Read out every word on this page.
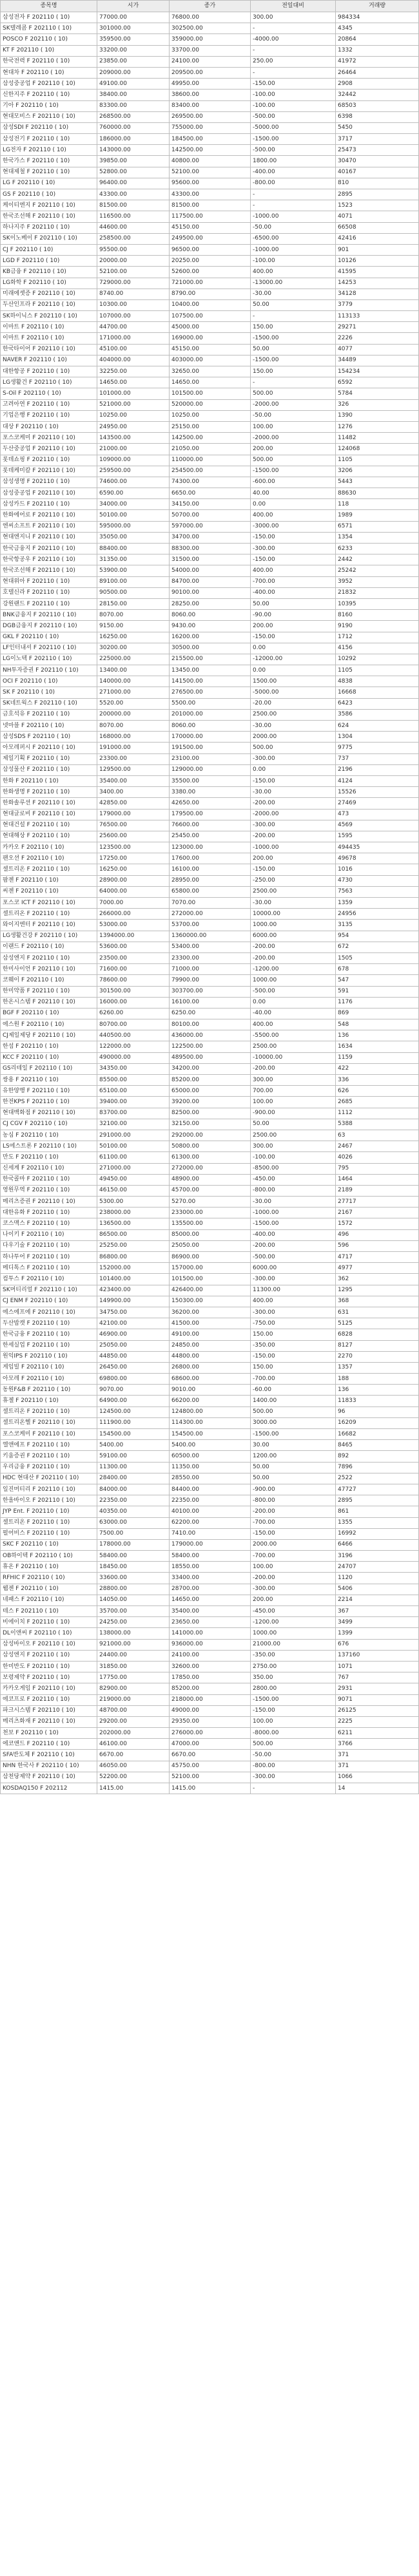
종목명	시가	종가	전일대비	거래량
삼성전자 F 202110 ( 10)	77000.00	76800.00	300.00	984334
SK텔레콤 F 202110 ( 10)	301000.00	302500.00	-	4345
POSCO F 202110 ( 10)	359500.00	359000.00	-4000.00	20864
KT F 202110 ( 10)	33200.00	33700.00	-	1332
한국전력 F 202110 ( 10)	23850.00	24100.00	250.00	41972
현대차 F 202110 ( 10)	209000.00	209500.00	-	26464
삼성중공업 F 202110 ( 10)	49100.00	49950.00	-150.00	2908
신한지주 F 202110 ( 10)	38400.00	38600.00	-100.00	32442
기아 F 202110 ( 10)	83300.00	83400.00	-100.00	68503
현대모비스 F 202110 ( 10)	268500.00	269500.00	-500.00	6398
삼성SDI F 202110 ( 10)	760000.00	755000.00	-5000.00	5450
삼성전기 F 202110 ( 10)	186000.00	184500.00	-1500.00	3717
LG전자 F 202110 ( 10)	143000.00	142500.00	-500.00	25473
한국가스 F 202110 ( 10)	39850.00	40800.00	1800.00	30470
현대제철 F 202110 ( 10)	52800.00	52100.00	-400.00	40167
LG F 202110 ( 10)	96400.00	95600.00	-800.00	810
GS F 202110 ( 10)	43300.00	43300.00	-	2895
케이티엔지 F 202110 ( 10)	81500.00	81500.00	-	1523
한국조선해 F 202110 ( 10)	116500.00	117500.00	-1000.00	4071
하나지주 F 202110 ( 10)	44600.00	45150.00	-50.00	66508
SK이노베이 F 202110 ( 10)	258500.00	249500.00	-6500.00	42416
CJ F 202110 ( 10)	95500.00	96500.00	-1000.00	901
LGD F 202110 ( 10)	20000.00	20250.00	-100.00	10126
KB금융 F 202110 ( 10)	52100.00	52600.00	400.00	41595
LG화학 F 202110 ( 10)	729000.00	721000.00	-13000.00	14253
미래에셋증 F 202110 ( 10)	8740.00	8790.00	-30.00	34128
두산인프라 F 202110 ( 10)	10300.00	10400.00	50.00	3779
SK하이닉스 F 202110 ( 10)	107000.00	107500.00	-	113133
이마트 F 202110 ( 10)	44700.00	45000.00	150.00	29271
이마트 F 202110 ( 10)	171000.00	169000.00	-1500.00	2226
한국타이어 F 202110 ( 10)	45100.00	45150.00	50.00	4077
NAVER F 202110 ( 10)	404000.00	403000.00	-1500.00	34489
대한항공 F 202110 ( 10)	32250.00	32650.00	150.00	154234
LG생활건 F 202110 ( 10)	14650.00	14650.00	-	6592
S-Oil F 202110 ( 10)	101000.00	101500.00	500.00	5784
고려아연 F 202110 ( 10)	521000.00	520000.00	-2000.00	326
기업은행 F 202110 ( 10)	10250.00	10250.00	-50.00	1390
대상 F 202110 ( 10)	24950.00	25150.00	100.00	1276
포스코케미 F 202110 ( 10)	143500.00	142500.00	-2000.00	11482
두산중공업 F 202110 ( 10)	21000.00	21050.00	200.00	124068
롯데쇼핑 F 202110 ( 10)	109000.00	110000.00	500.00	1105
롯데케미칼 F 202110 ( 10)	259500.00	254500.00	-1500.00	3206
삼성생명 F 202110 ( 10)	74600.00	74300.00	-600.00	5443
삼성중공업 F 202110 ( 10)	6590.00	6650.00	40.00	88630
삼성카드 F 202110 ( 10)	34000.00	34150.00	0.00	118
한화에어로 F 202110 ( 10)	50100.00	50700.00	400.00	1989
엔씨소프트 F 202110 ( 10)	595000.00	597000.00	-3000.00	6571
현대엔지니 F 202110 ( 10)	35050.00	34700.00	-150.00	1354
한국금융지 F 202110 ( 10)	88400.00	88300.00	-300.00	6233
한국항공우 F 202110 ( 10)	31350.00	31500.00	-150.00	2442
한국조선해 F 202110 ( 10)	53900.00	54000.00	400.00	25242
현대위아 F 202110 ( 10)	89100.00	84700.00	-700.00	3952
호텔신라 F 202110 ( 10)	90500.00	90100.00	-400.00	21832
강원랜드 F 202110 ( 10)	28150.00	28250.00	50.00	10395
BNK금융지 F 202110 ( 10)	8070.00	8060.00	-90.00	8160
DGB금융지 F 202110 ( 10)	9150.00	9430.00	200.00	9190
GKL F 202110 ( 10)	16250.00	16200.00	-150.00	1712
LF인터내셔 F 202110 ( 10)	30200.00	30500.00	0.00	4156
LG이노텍 F 202110 ( 10)	225000.00	215500.00	-12000.00	10292
NH투자증권 F 202110 ( 10)	13400.00	13450.00	0.00	1105
OCI F 202110 ( 10)	140000.00	141500.00	1500.00	4838
SK F 202110 ( 10)	271000.00	276500.00	-5000.00	16668
SK네트웍스 F 202110 ( 10)	5520.00	5500.00	-20.00	6423
금호석유 F 202110 ( 10)	200000.00	201000.00	2500.00	3586
넷마블 F 202110 ( 10)	8070.00	8060.00	-30.00	624
삼성SDS F 202110 ( 10)	168000.00	170000.00	2000.00	1304
아모레퍼시 F 202110 ( 10)	191000.00	191500.00	500.00	9775
제일기획 F 202110 ( 10)	23300.00	23100.00	-300.00	737
삼성물산 F 202110 ( 10)	129500.00	129000.00	0.00	2196
한화 F 202110 ( 10)	35400.00	35500.00	-150.00	4124
한화생명 F 202110 ( 10)	3400.00	3380.00	-30.00	15526
한화솔루션 F 202110 ( 10)	42850.00	42650.00	-200.00	27469
현대글로비 F 202110 ( 10)	179000.00	179500.00	-2000.00	473
현대건설 F 202110 ( 10)	76500.00	76600.00	-300.00	4569
현대해상 F 202110 ( 10)	25600.00	25450.00	-200.00	1595
카카오 F 202110 ( 10)	123500.00	123000.00	-1000.00	494435
팬오션 F 202110 ( 10)	17250.00	17600.00	200.00	49678
셀트리온 F 202110 ( 10)	16250.00	16100.00	-150.00	1016
팜젠 F 202110 ( 10)	28900.00	28950.00	-250.00	4730
씨젠 F 202110 ( 10)	64000.00	65800.00	2500.00	7563
포스코 ICT F 202110 ( 10)	7000.00	7070.00	-30.00	1359
셀트리온 F 202110 ( 10)	266000.00	272000.00	10000.00	24956
와이지엔터 F 202110 ( 10)	53000.00	53700.00	1000.00	3135
LG생활건강 F 202110 ( 10)	1394000.00	1360000.00	6000.00	954
이랜드 F 202110 ( 10)	53600.00	53400.00	-200.00	672
삼성엔지 F 202110 ( 10)	23500.00	23300.00	-200.00	1505
한미사이언 F 202110 ( 10)	71600.00	71000.00	-1200.00	678
코웨이 F 202110 ( 10)	78600.00	79900.00	1000.00	547
한미약품 F 202110 ( 10)	301500.00	303700.00	-500.00	591
한온시스템 F 202110 ( 10)	16000.00	16100.00	0.00	1176
BGF F 202110 ( 10)	6260.00	6250.00	-40.00	869
에스원 F 202110 ( 10)	80700.00	80100.00	400.00	548
CJ제일제당 F 202110 ( 10)	440500.00	436000.00	-5500.00	136
한섬 F 202110 ( 10)	122000.00	122500.00	2500.00	1634
KCC F 202110 ( 10)	490000.00	489500.00	-10000.00	1159
GS리테일 F 202110 ( 10)	34350.00	34200.00	-200.00	422
쌍용 F 202110 ( 10)	85500.00	85200.00	300.00	336
유한양행 F 202110 ( 10)	65100.00	65000.00	700.00	626
한전KPS F 202110 ( 10)	39400.00	39200.00	100.00	2685
현대백화점 F 202110 ( 10)	83700.00	82500.00	-900.00	1112
CJ CGV F 202110 ( 10)	32100.00	32150.00	50.00	5388
농심 F 202110 ( 10)	291000.00	292000.00	2500.00	63
LS에스트론 F 202110 ( 10)	50100.00	50800.00	300.00	2467
만도 F 202110 ( 10)	61100.00	61300.00	-100.00	4026
신세계 F 202110 ( 10)	271000.00	272000.00	-8500.00	795
한국콜마 F 202110 ( 10)	49450.00	48900.00	-450.00	1464
영원무역 F 202110 ( 10)	46150.00	45700.00	-800.00	2189
메리츠증권 F 202110 ( 10)	5300.00	5270.00	-30.00	27717
대한유화 F 202110 ( 10)	238000.00	233000.00	-1000.00	2167
코스맥스 F 202110 ( 10)	136500.00	135500.00	-1500.00	1572
나이키 F 202110 ( 10)	86500.00	85000.00	-400.00	496
다우기술 F 202110 ( 10)	25250.00	25050.00	-200.00	596
하나투어 F 202110 ( 10)	86800.00	86900.00	-500.00	4717
메디톡스 F 202110 ( 10)	152000.00	157000.00	6000.00	4977
컴투스 F 202110 ( 10)	101400.00	101500.00	-300.00	362
SK머티리얼 F 202110 ( 10)	423400.00	426400.00	11300.00	1295
CJ ENM F 202110 ( 10)	149900.00	150300.00	400.00	368
에스에프에 F 202110 ( 10)	34750.00	36200.00	-300.00	631
두산밥캣 F 202110 ( 10)	42100.00	41500.00	-750.00	5125
한국금융 F 202110 ( 10)	46900.00	49100.00	150.00	6828
한세실업 F 202110 ( 10)	25050.00	24850.00	-350.00	8127
원익IPS F 202110 ( 10)	44850.00	44800.00	-150.00	2270
게임빌 F 202110 ( 10)	26450.00	26800.00	150.00	1357
아모레 F 202110 ( 10)	69800.00	68600.00	-700.00	188
동원F&B F 202110 ( 10)	9070.00	9010.00	-60.00	136
휴젤 F 202110 ( 10)	64900.00	66200.00	1400.00	11833
셀트리온 F 202110 ( 10)	124500.00	124800.00	500.00	96
셀트리온헬 F 202110 ( 10)	111900.00	114300.00	3000.00	16209
포스코케미 F 202110 ( 10)	154500.00	154500.00	-1500.00	16682
엘앤에프 F 202110 ( 10)	5400.00	5400.00	30.00	8465
키움증권 F 202110 ( 10)	59100.00	60500.00	1200.00	892
우리금융 F 202110 ( 10)	11300.00	11350.00	50.00	7896
HDC 현대산 F 202110 ( 10)	28400.00	28550.00	50.00	2522
일진머티리 F 202110 ( 10)	84000.00	84400.00	-900.00	47727
한올바이오 F 202110 ( 10)	22350.00	22350.00	-800.00	2895
JYP Ent. F 202110 ( 10)	40350.00	40100.00	-200.00	861
셀트리온 F 202110 ( 10)	63000.00	62200.00	-700.00	1355
펄어비스 F 202110 ( 10)	7500.00	7410.00	-150.00	16992
SKC F 202110 ( 10)	178000.00	179000.00	2000.00	6466
OB하이텍 F 202110 ( 10)	58400.00	58400.00	-700.00	3196
휴온 F 202110 ( 10)	18450.00	18550.00	100.00	24707
RFHIC F 202110 ( 10)	33600.00	33400.00	-200.00	1120
웹젠 F 202110 ( 10)	28800.00	28700.00	-300.00	5406
네패스 F 202110 ( 10)	14050.00	14650.00	200.00	2214
테스 F 202110 ( 10)	35700.00	35400.00	-450.00	367
비에이치 F 202110 ( 10)	24250.00	23650.00	-1200.00	3499
DL이앤씨 F 202110 ( 10)	138000.00	141000.00	1000.00	1399
삼성바이오 F 202110 ( 10)	921000.00	936000.00	21000.00	676
삼성엔지 F 202110 ( 10)	24400.00	24100.00	-350.00	137160
한미반도 F 202110 ( 10)	31850.00	32600.00	2750.00	1071
보령제약 F 202110 ( 10)	17750.00	17850.00	350.00	767
카카오게임 F 202110 ( 10)	82900.00	85200.00	2800.00	2931
에코프로 F 202110 ( 10)	219000.00	218000.00	-1500.00	9071
파크시스템 F 202110 ( 10)	48700.00	49000.00	-150.00	26125
메리츠화재 F 202110 ( 10)	29200.00	29350.00	100.00	2225
천보 F 202110 ( 10)	202000.00	276000.00	-8000.00	6211
에코앤드 F 202110 ( 10)	46100.00	47000.00	500.00	3766
SFA반도체 F 202110 ( 10)	6670.00	6670.00	-50.00	371
NHN 한국사 F 202110 ( 10)	46050.00	45750.00	-800.00	371
삼천당제약 F 202110 ( 10)	52200.00	52100.00	-300.00	1066
KOSDAQ150 F 202112	1415.00	1415.00	-	14
